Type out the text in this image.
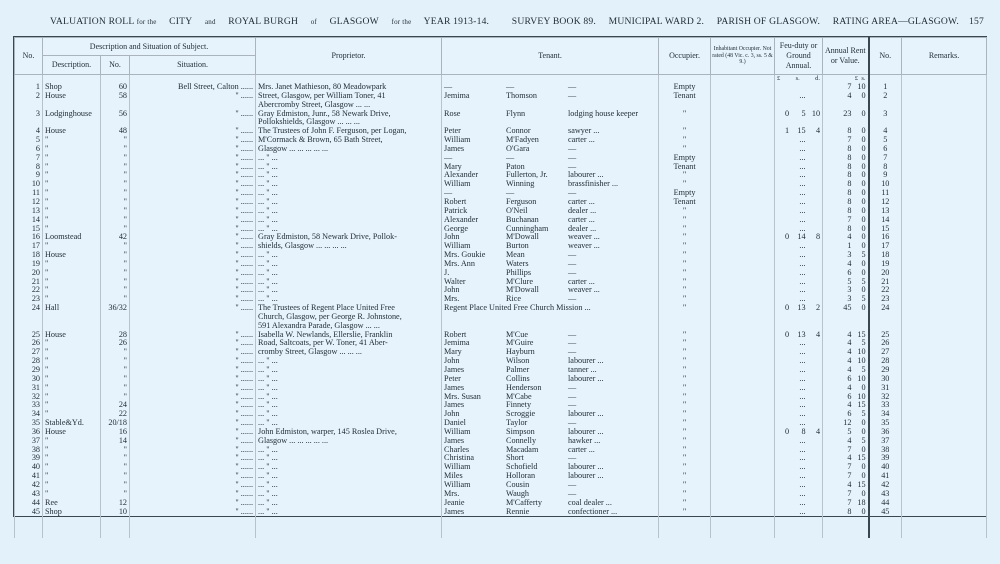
VALUATION ROLL for the CITY and ROYAL BURGH of GLASGOW for the YEAR 1913-14. SURVEY BOOK 89. MUNICIPAL WARD 2. PARISH OF GLASGOW. RATING AREA—GLASGOW.	157
No.	Description and Situation of Subject.			Proprietor.	Tenant.	Occupier.	Inhabitant Occupier. Not rated (48 Vic. c. 3, ss. 5 & 9.)	Feu-duty or Ground Annual.	Annual Rent or Value.	No.	Remarks.
	Description.	No.	Situation.								

								£ s. d.	£ s.		
1	Shop	60	Bell Street, Calton ... ...	Mrs. Janet Mathieson, 80 Meadowpark	— — —	Empty			7 10	1	
2	House	58	" ... ...	Street, Glasgow, per William Toner, 41	Jemima Thomson —	Tenant		...	4 0	2	

	Abercromby Street, Glasgow ... ...	

3	Lodginghouse	56	" ... ...	Gray Edmiston, Junr., 58 Newark Drive,	Rose Flynn lodging house keeper	"		0 5 10	23 0	3	

	Pollokshields, Glasgow ... ... ...	

4	House	48	" ... ...	The Trustees of John F. Ferguson, per Logan,	Peter Connor sawyer ...	"		1 15 4	8 0	4	
5	"	"	" ... ...	M'Cormack & Brown, 65 Bath Street,	William M'Fadyen carter ...	"		...	7 0	5	
6	"	"	" ... ...	Glasgow ... ... ... ... ...	James O'Gara —	"		...	8 0	6	
7	"	"	" ... ...	... " ...	— — —	Empty		...	8 0	7	
8	"	"	" ... ...	... " ...	Mary Paton —	Tenant		...	8 0	8	
9	"	"	" ... ...	... " ...	Alexander Fullerton, Jr. labourer ...	"		...	8 0	9	
10	"	"	" ... ...	... " ...	William Winning brassfinisher ...	"		...	8 0	10	
11	"	"	" ... ...	... " ...	— — —	Empty		...	8 0	11	
12	"	"	" ... ...	... " ...	Robert Ferguson carter ...	Tenant		...	8 0	12	
13	"	"	" ... ...	... " ...	Patrick O'Neil dealer ...	"		...	8 0	13	
14	"	"	" ... ...	... " ...	Alexander Buchanan carter ...	"		...	7 0	14	
15	"	"	" ... ...	... " ...	George Cunningham dealer ...	"		...	8 0	15	
16	Loomstead	42	" ... ...	Gray Edmiston, 58 Newark Drive, Pollok-	John M'Dowall weaver ...	"		0 14 8	4 0	16	
17	"	"	" ... ...	shields, Glasgow ... ... ... ...	William Burton weaver ...	"		...	1 0	17	
18	House	"	" ... ...	... " ...	Mrs. Goukie Mean —	"		...	3 5	18	
19	"	"	" ... ...	... " ...	Mrs. Ann Waters —	"		...	4 0	19	
20	"	"	" ... ...	... " ...	J. Phillips —	"		...	6 0	20	
21	"	"	" ... ...	... " ...	Walter M'Clure carter ...	"		...	5 5	21	
22	"	"	" ... ...	... " ...	John M'Dowall weaver ...	"		...	3 0	22	
23	"	"	" ... ...	... " ...	Mrs. Rice —	"		...	3 5	23	
24	Hall	36/32	" ... ...	The Trustees of Regent Place United Free	Regent Place United Free Church Mission ...	"		0 13 2	45 0	24	

	Church, Glasgow, per George R. Johnstone,	

	591 Alexandra Parade, Glasgow ... ...	

25	House	28	" ... ...	Isabella W. Newlands, Ellerslie, Franklin	Robert M'Cue —	"		0 13 4	4 15	25	
26	"	26	" ... ...	Road, Saltcoats, per W. Toner, 41 Aber-	Jemima M'Guire —	"		...	4 5	26	
27	"	"	" ... ...	cromby Street, Glasgow ... ... ...	Mary Hayburn —	"		...	4 10	27	
28	"	"	" ... ...	... " ...	John Wilson labourer ...	"		...	4 10	28	
29	"	"	" ... ...	... " ...	James Palmer tanner ...	"		...	4 5	29	
30	"	"	" ... ...	... " ...	Peter Collins labourer ...	"		...	6 10	30	
31	"	"	" ... ...	... " ...	James Henderson —	"		...	4 0	31	
32	"	"	" ... ...	... " ...	Mrs. Susan M'Cabe —	"		...	6 10	32	
33	"	24	" ... ...	... " ...	James Finnety —	"		...	4 15	33	
34	"	22	" ... ...	... " ...	John Scroggie labourer ...	"		...	6 5	34	
35	Stable&Yd.	20/18	" ... ...	... " ...	Daniel Taylor —	"		...	12 0	35	
36	House	16	" ... ...	John Edmiston, warper, 145 Roslea Drive,	William Simpson labourer ...	"		0 8 4	5 0	36	
37	"	14	" ... ...	Glasgow ... ... ... ... ...	James Connelly hawker ...	"		...	4 5	37	
38	"	"	" ... ...	... " ...	Charles Macadam carter ...	"		...	7 0	38	
39	"	"	" ... ...	... " ...	Christina Short —	"		...	4 15	39	
40	"	"	" ... ...	... " ...	William Schofield labourer ...	"		...	7 0	40	
41	"	"	" ... ...	... " ...	Miles Holloran labourer ...	"		...	7 0	41	
42	"	"	" ... ...	... " ...	William Cousin —	"		...	4 15	42	
43	"	"	" ... ...	... " ...	Mrs. Waugh —	"		...	7 0	43	
44	Ree	12	" ... ...	... " ...	Jeanie M'Cafferty coal dealer ...	"		...	7 18	44	
45	Shop	10	" ... ...	... " ...	James Rennie confectioner ...	"		...	8 0	45	
